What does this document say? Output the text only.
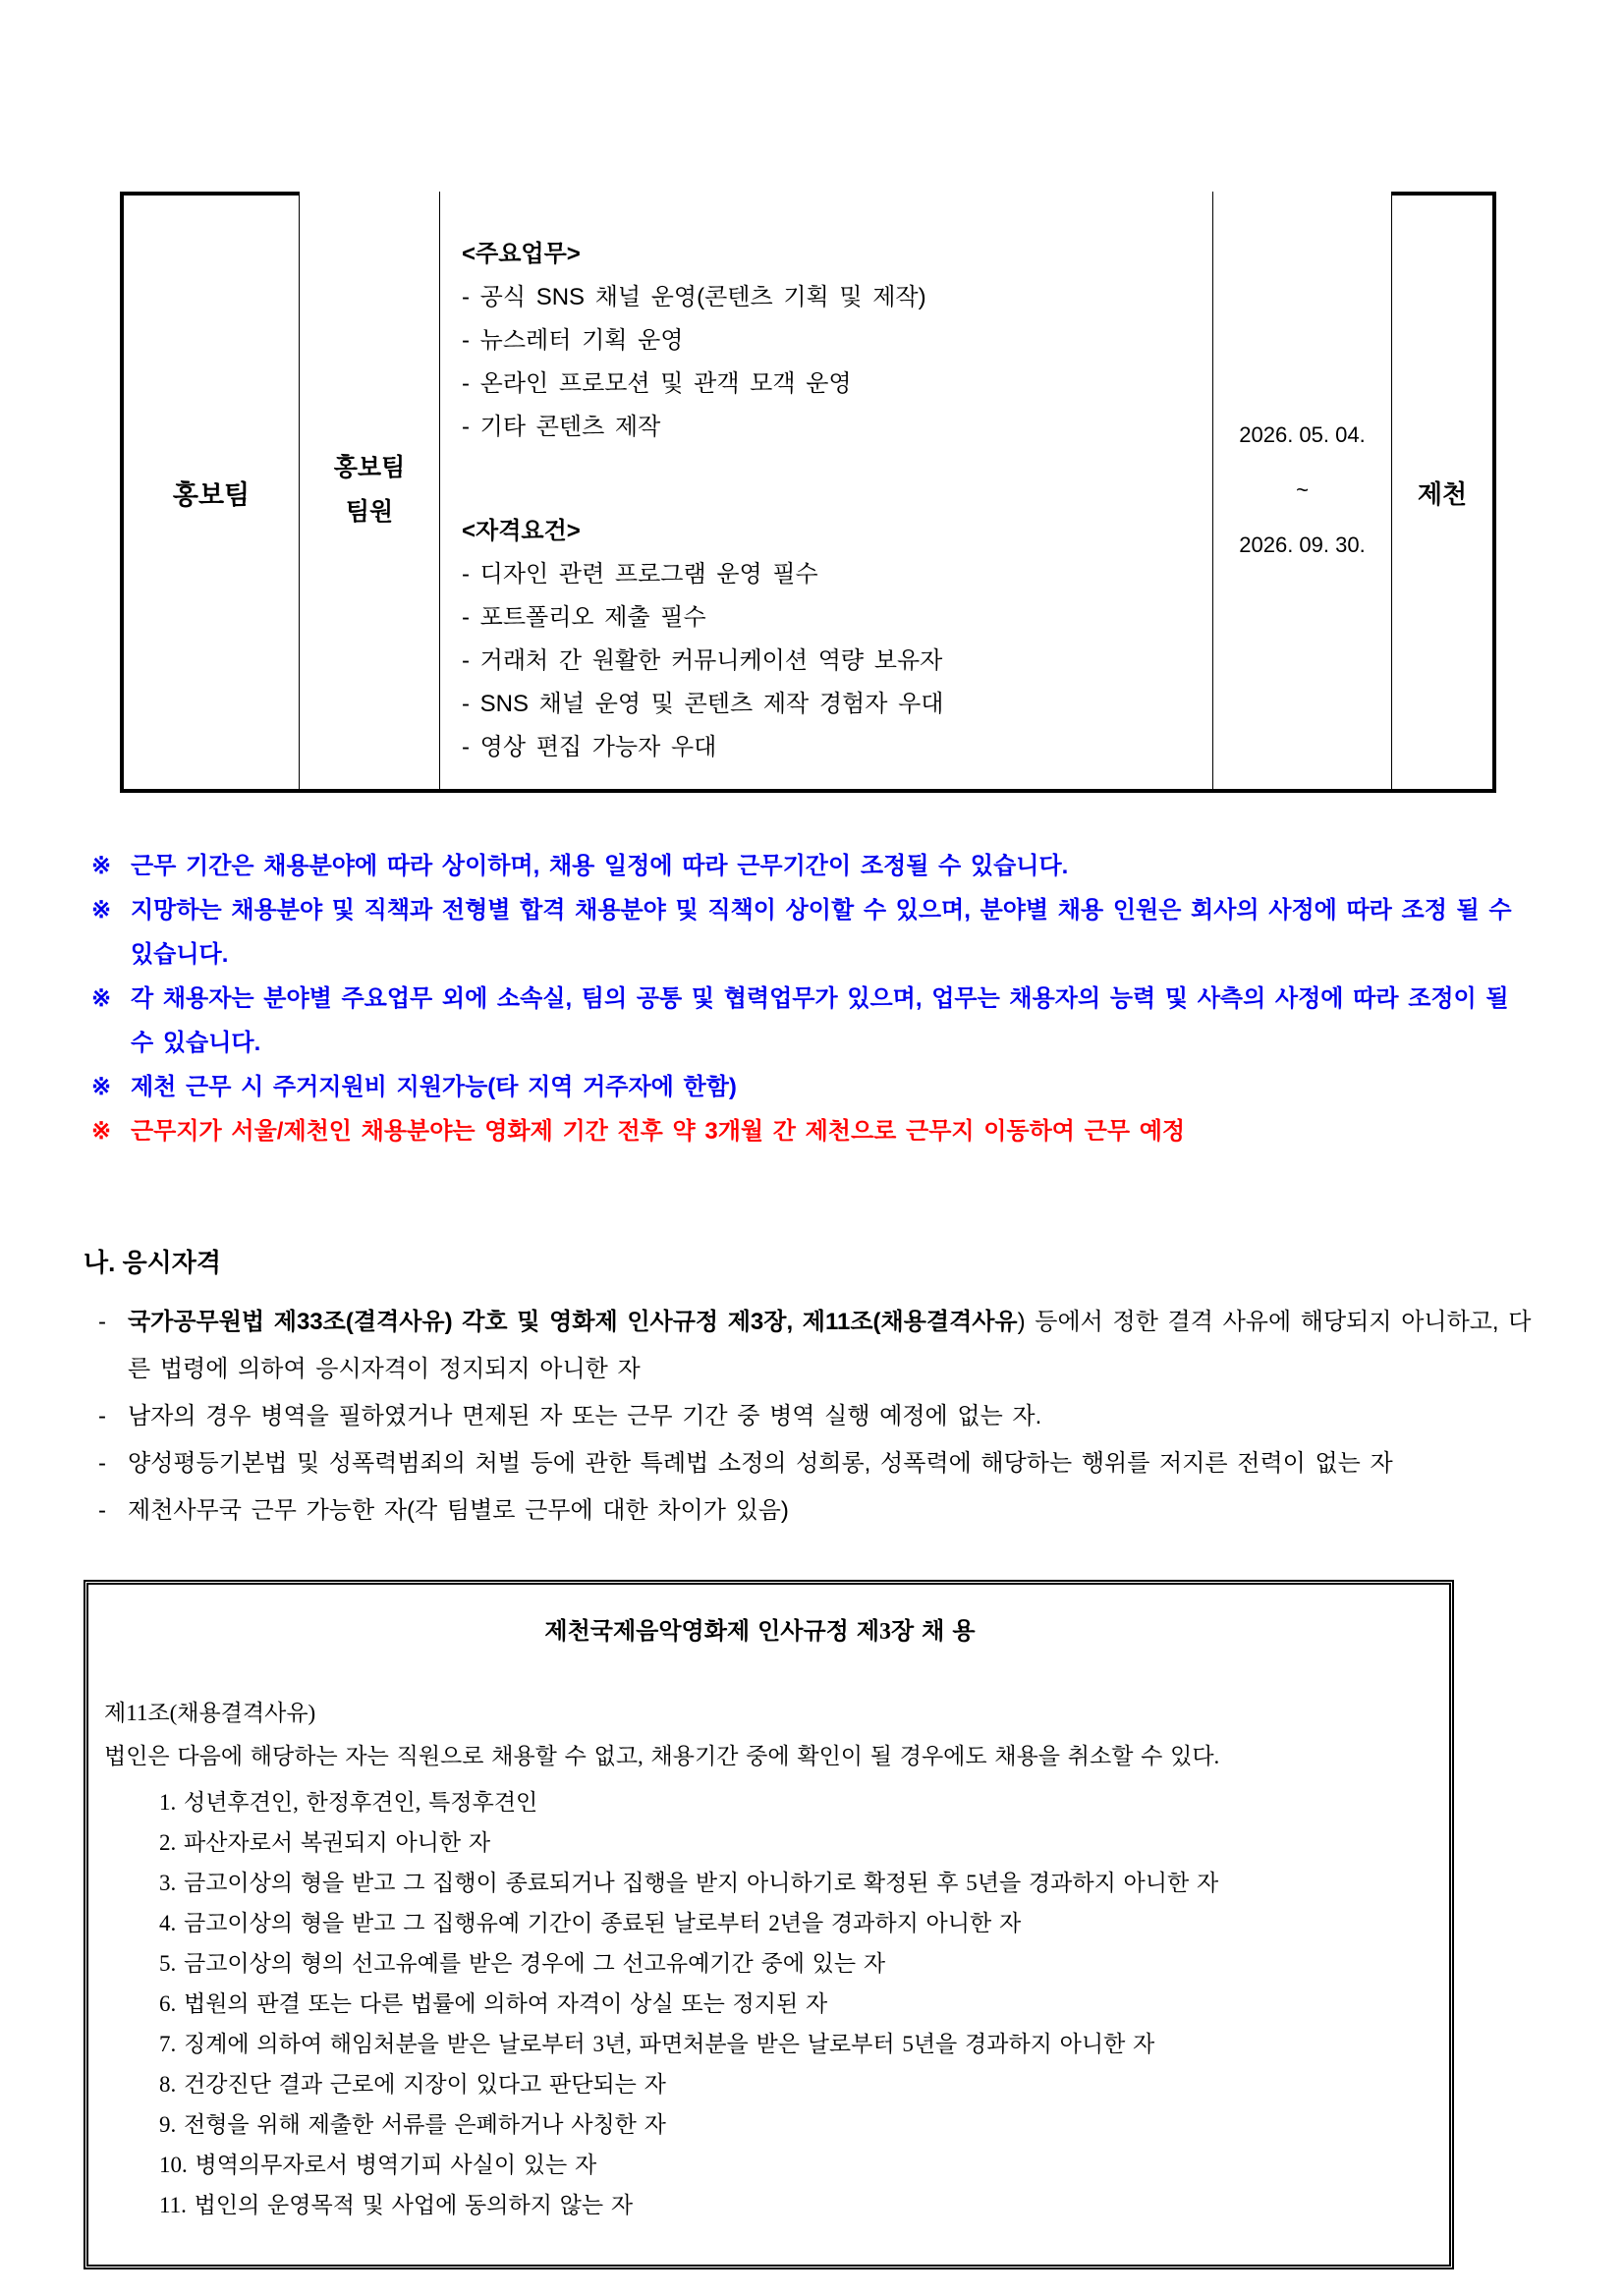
홍보팀
홍보팀
팀원
<주요업무>
- 공식 SNS 채널 운영(콘텐츠 기획 및 제작)
- 뉴스레터 기획 운영
- 온라인 프로모션 및 관객 모객 운영
- 기타 콘텐츠 제작
<자격요건>
- 디자인 관련 프로그램 운영 필수
- 포트폴리오 제출 필수
- 거래처 간 원활한 커뮤니케이션 역량 보유자
- SNS 채널 운영 및 콘텐츠 제작 경험자 우대
- 영상 편집 가능자 우대
2026. 05. 04.
~
2026. 09. 30.
제천
※ 근무 기간은 채용분야에 따라 상이하며, 채용 일정에 따라 근무기간이 조정될 수 있습니다.
※ 지망하는 채용분야 및 직책과 전형별 합격 채용분야 및 직책이 상이할 수 있으며, 분야별 채용 인원은 회사의 사정에 따라 조정 될 수 있습니다.
※ 각 채용자는 분야별 주요업무 외에 소속실, 팀의 공통 및 협력업무가 있으며, 업무는 채용자의 능력 및 사측의 사정에 따라 조정이 될 수 있습니다.
※ 제천 근무 시 주거지원비 지원가능(타 지역 거주자에 한함)
※ 근무지가 서울/제천인 채용분야는 영화제 기간 전후 약 3개월 간 제천으로 근무지 이동하여 근무 예정
나. 응시자격
- 국가공무원법 제33조(결격사유) 각호 및 영화제 인사규정 제3장, 제11조(채용결격사유) 등에서 정한 결격 사유에 해당되지 아니하고, 다른 법령에 의하여 응시자격이 정지되지 아니한 자
- 남자의 경우 병역을 필하였거나 면제된 자 또는 근무 기간 중 병역 실행 예정에 없는 자.
- 양성평등기본법 및 성폭력범죄의 처벌 등에 관한 특례법 소정의 성희롱, 성폭력에 해당하는 행위를 저지른 전력이 없는 자
- 제천사무국 근무 가능한 자(각 팀별로 근무에 대한 차이가 있음)
제천국제음악영화제 인사규정 제3장 채 용
제11조(채용결격사유)
법인은 다음에 해당하는 자는 직원으로 채용할 수 없고, 채용기간 중에 확인이 될 경우에도 채용을 취소할 수 있다.
1. 성년후견인, 한정후견인, 특정후견인
2. 파산자로서 복권되지 아니한 자
3. 금고이상의 형을 받고 그 집행이 종료되거나 집행을 받지 아니하기로 확정된 후 5년을 경과하지 아니한 자
4. 금고이상의 형을 받고 그 집행유예 기간이 종료된 날로부터 2년을 경과하지 아니한 자
5. 금고이상의 형의 선고유예를 받은 경우에 그 선고유예기간 중에 있는 자
6. 법원의 판결 또는 다른 법률에 의하여 자격이 상실 또는 정지된 자
7. 징계에 의하여 해임처분을 받은 날로부터 3년, 파면처분을 받은 날로부터 5년을 경과하지 아니한 자
8. 건강진단 결과 근로에 지장이 있다고 판단되는 자
9. 전형을 위해 제출한 서류를 은폐하거나 사칭한 자
10. 병역의무자로서 병역기피 사실이 있는 자
11. 법인의 운영목적 및 사업에 동의하지 않는 자
